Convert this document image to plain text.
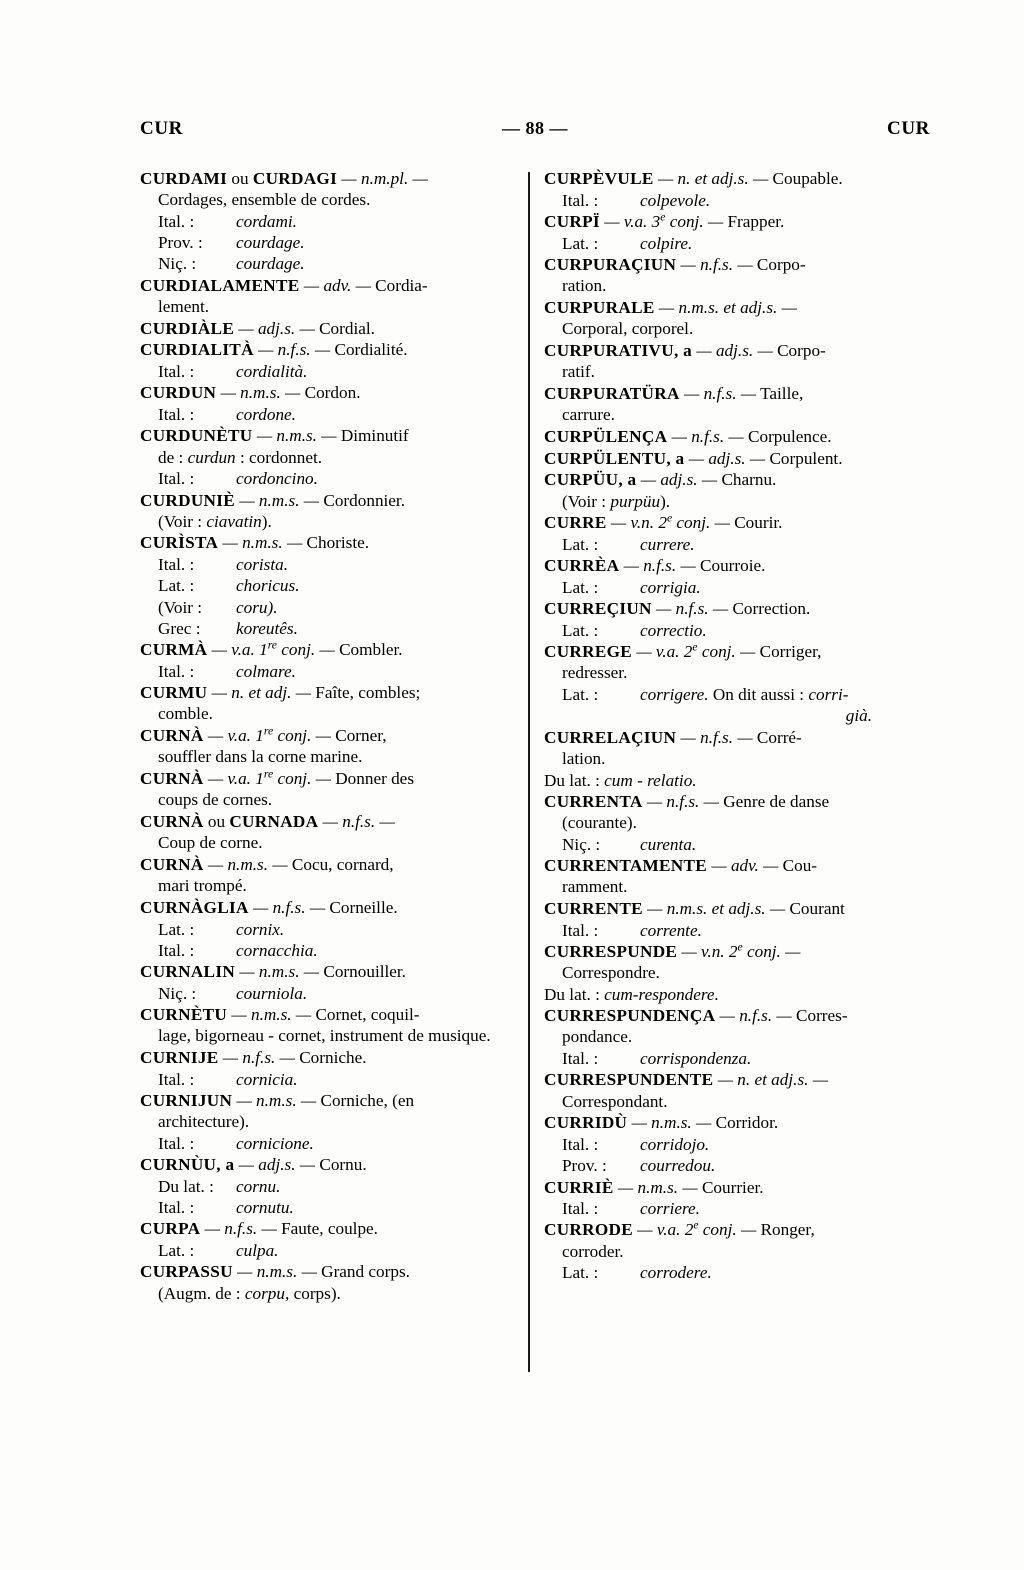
CUR	— 88 —	CUR
CURDAMI ou CURDAGI — n.m.pl. —
Cordages, ensemble de cordes.
Ital. :	cordami.
Prov. :	courdage.
Niç. :	courdage.
CURDIALAMENTE — adv. — Cordia-
lement.
CURDIÀLE — adj.s. — Cordial.
CURDIALITÀ — n.f.s. — Cordialité.
Ital. :	cordialità.
CURDUN — n.m.s. — Cordon.
Ital. :	cordone.
CURDUNÈTU — n.m.s. — Diminutif
de : curdun : cordonnet.
Ital. :	cordoncino.
CURDUNIÈ — n.m.s. — Cordonnier.
(Voir : ciavatin).
CURÌSTA — n.m.s. — Choriste.
Ital. :	corista.
Lat. :	choricus.
(Voir :	coru).
Grec :	koreutês.
CURMÀ — v.a. 1re conj. — Combler.
Ital. :	colmare.
CURMU — n. et adj. — Faîte, combles;
comble.
CURNÀ — v.a. 1re conj. — Corner,
souffler dans la corne marine.
CURNÀ — v.a. 1re conj. — Donner des
coups de cornes.
CURNÀ ou CURNADA — n.f.s. —
Coup de corne.
CURNÀ — n.m.s. — Cocu, cornard,
mari trompé.
CURNÀGLIA — n.f.s. — Corneille.
Lat. :	cornix.
Ital. :	cornacchia.
CURNALIN — n.m.s. — Cornouiller.
Niç. :	courniola.
CURNÈTU — n.m.s. — Cornet, coquil-
lage, bigorneau - cornet, instrument de musique.
CURNIJE — n.f.s. — Corniche.
Ital. :	cornicia.
CURNIJUN — n.m.s. — Corniche, (en
architecture).
Ital. :	cornicione.
CURNÙU, a — adj.s. — Cornu.
Du lat. :	cornu.
Ital. :	cornutu.
CURPA — n.f.s. — Faute, coulpe.
Lat. :	culpa.
CURPASSU — n.m.s. — Grand corps.
(Augm. de : corpu, corps).
CURPÈVULE — n. et adj.s. — Coupable.
Ital. :	colpevole.
CURPÏ — v.a. 3e conj. — Frapper.
Lat. :	colpire.
CURPURAÇIUN — n.f.s. — Corpo-
ration.
CURPURALE — n.m.s. et adj.s. —
Corporal, corporel.
CURPURATIVU, a — adj.s. — Corpo-
ratif.
CURPURATÜRA — n.f.s. — Taille,
carrure.
CURPÜLENÇA — n.f.s. — Corpulence.
CURPÜLENTU, a — adj.s. — Corpulent.
CURPÜU, a — adj.s. — Charnu.
(Voir : purpüu).
CURRE — v.n. 2e conj. — Courir.
Lat. :	currere.
CURRÈA — n.f.s. — Courroie.
Lat. :	corrigia.
CURREÇIUN — n.f.s. — Correction.
Lat. :	correctio.
CURREGE — v.a. 2e conj. — Corriger,
redresser.
Lat. :	corrigere. On dit aussi : corri-
già.
CURRELAÇIUN — n.f.s. — Corré-
lation.
Du lat. : cum - relatio.
CURRENTA — n.f.s. — Genre de danse
(courante).
Niç. :	curenta.
CURRENTAMENTE — adv. — Cou-
ramment.
CURRENTE — n.m.s. et adj.s. — Courant
Ital. :	corrente.
CURRESPUNDE — v.n. 2e conj. —
Correspondre.
Du lat. : cum-respondere.
CURRESPUNDENÇA — n.f.s. — Corres-
pondance.
Ital. :	corrispondenza.
CURRESPUNDENTE — n. et adj.s. —
Correspondant.
CURRIDÙ — n.m.s. — Corridor.
Ital. :	corridojo.
Prov. :	courredou.
CURRIÈ — n.m.s. — Courrier.
Ital. :	corriere.
CURRODE — v.a. 2e conj. — Ronger,
corroder.
Lat. :	corrodere.
